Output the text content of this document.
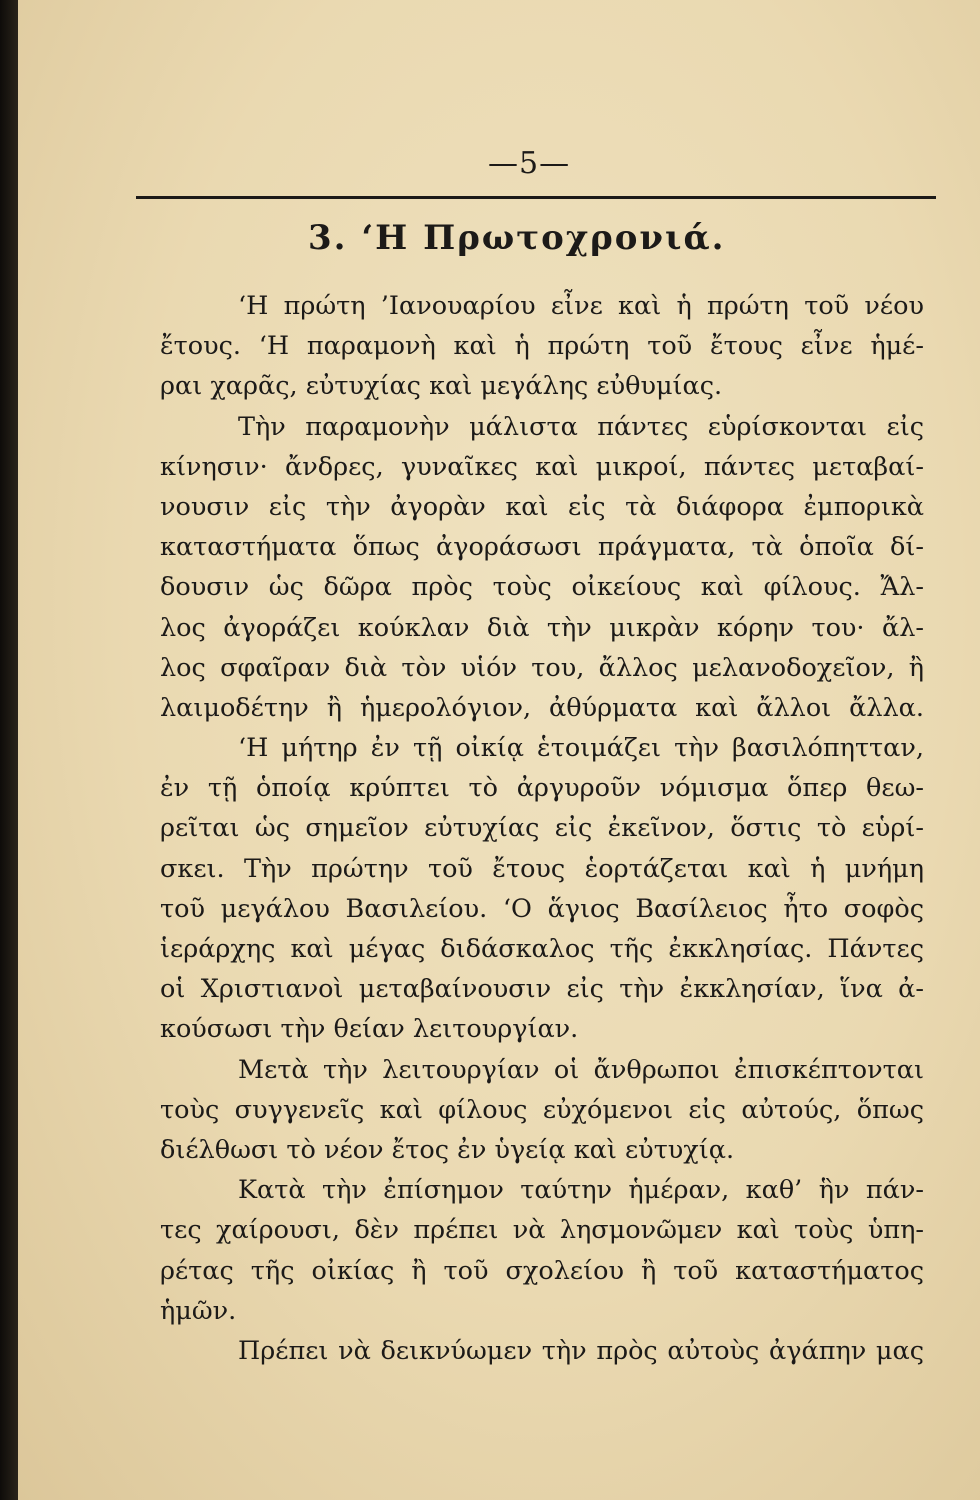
—5—
3. ‘Η Πρωτοχρονιά.
‘Η πρώτη ’Ιανουαρίου εἶνε καὶ ἡ πρώτη τοῦ νέου
ἔτους. ‘Η παραμονὴ καὶ ἡ πρώτη τοῦ ἔτους εἶνε ἡμέ-
ραι χαρᾶς, εὐτυχίας καὶ μεγάλης εὐθυμίας.
Τὴν παραμονὴν μάλιστα πάντες εὑρίσκονται εἰς
κίνησιν· ἄνδρες, γυναῖκες καὶ μικροί, πάντες μεταβαί-
νουσιν εἰς τὴν ἀγορὰν καὶ εἰς τὰ διάφορα ἐμπορικὰ
καταστήματα ὅπως ἀγοράσωσι πράγματα, τὰ ὁποῖα δί-
δουσιν ὡς δῶρα πρὸς τοὺς οἰκείους καὶ φίλους. Ἄλ-
λος ἀγοράζει κούκλαν διὰ τὴν μικρὰν κόρην του· ἄλ-
λος σφαῖραν διὰ τὸν υἱόν του, ἄλλος μελανοδοχεῖον, ἢ
λαιμοδέτην ἢ ἡμερολόγιον, ἀθύρματα καὶ ἄλλοι ἄλλα.
‘Η μήτηρ ἐν τῇ οἰκίᾳ ἑτοιμάζει τὴν βασιλόπητταν,
ἐν τῇ ὁποίᾳ κρύπτει τὸ ἀργυροῦν νόμισμα ὅπερ θεω-
ρεῖται ὡς σημεῖον εὐτυχίας εἰς ἐκεῖνον, ὅστις τὸ εὑρί-
σκει. Τὴν πρώτην τοῦ ἔτους ἑορτάζεται καὶ ἡ μνήμη
τοῦ μεγάλου Βασιλείου. ‘Ο ἅγιος Βασίλειος ἦτο σοφὸς
ἱεράρχης καὶ μέγας διδάσκαλος τῆς ἐκκλησίας. Πάντες
οἱ Χριστιανοὶ μεταβαίνουσιν εἰς τὴν ἐκκλησίαν, ἵνα ἀ-
κούσωσι τὴν θείαν λειτουργίαν.
Μετὰ τὴν λειτουργίαν οἱ ἄνθρωποι ἐπισκέπτονται
τοὺς συγγενεῖς καὶ φίλους εὐχόμενοι εἰς αὐτούς, ὅπως
διέλθωσι τὸ νέον ἔτος ἐν ὑγείᾳ καὶ εὐτυχίᾳ.
Κατὰ τὴν ἐπίσημον ταύτην ἡμέραν, καθ’ ἣν πάν-
τες χαίρουσι, δὲν πρέπει νὰ λησμονῶμεν καὶ τοὺς ὑπη-
ρέτας τῆς οἰκίας ἢ τοῦ σχολείου ἢ τοῦ καταστήματος
ἡμῶν.
Πρέπει νὰ δεικνύωμεν τὴν πρὸς αὐτοὺς ἀγάπην μας
